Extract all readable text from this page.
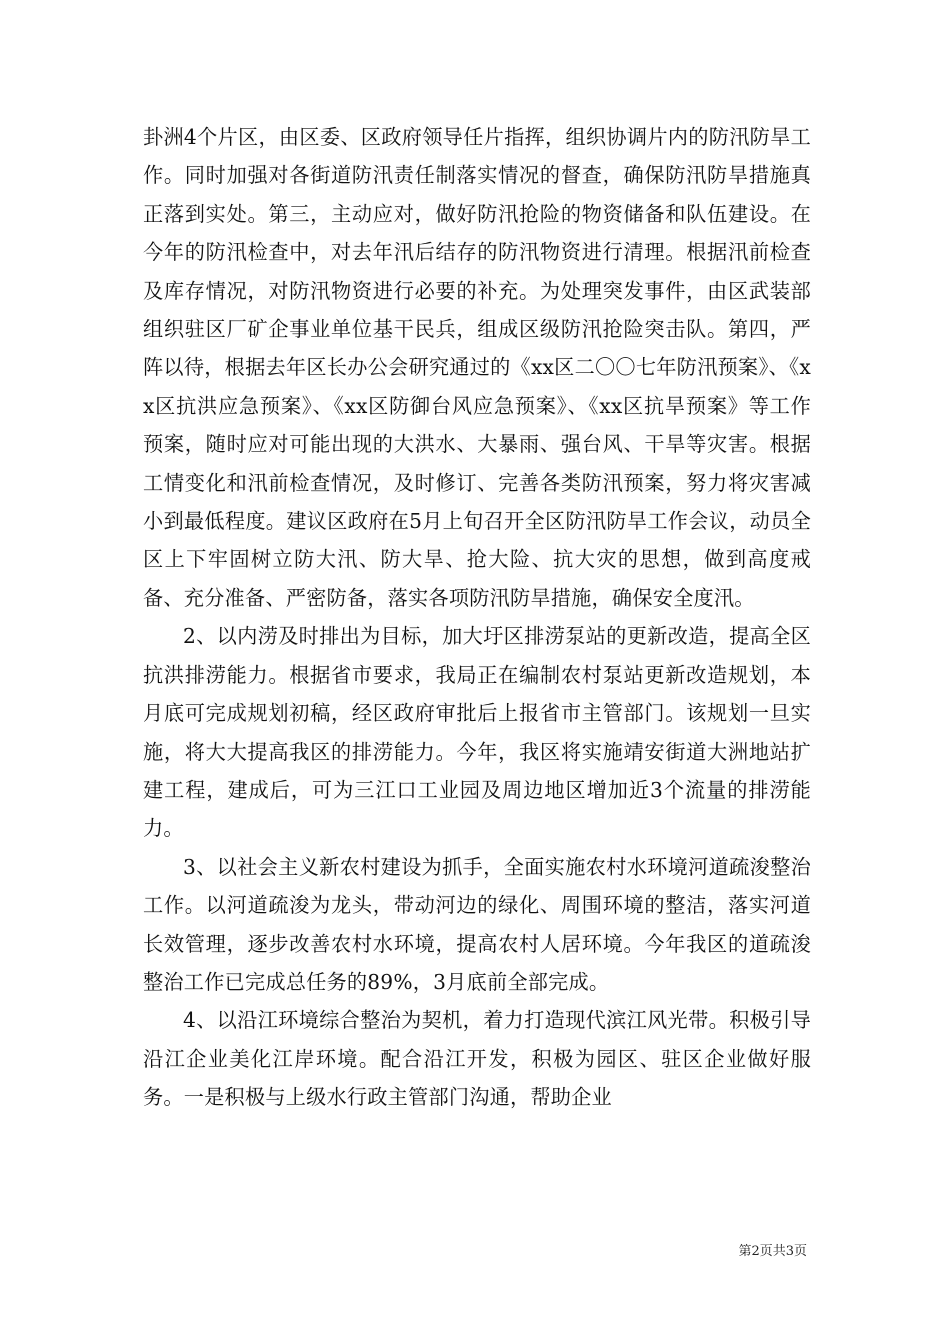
卦洲4个片区，由区委、区政府领导任片指挥，组织协调片内的防汛防旱工作。同时加强对各街道防汛责任制落实情况的督查，确保防汛防旱措施真正落到实处。第三，主动应对，做好防汛抢险的物资储备和队伍建设。在今年的防汛检查中，对去年汛后结存的防汛物资进行清理。根据汛前检查及库存情况，对防汛物资进行必要的补充。为处理突发事件，由区武装部组织驻区厂矿企事业单位基干民兵，组成区级防汛抢险突击队。第四，严阵以待，根据去年区长办公会研究通过的《xx区二〇〇七年防汛预案》、《xx区抗洪应急预案》、《xx区防御台风应急预案》、《xx区抗旱预案》等工作预案，随时应对可能出现的大洪水、大暴雨、强台风、干旱等灾害。根据工情变化和汛前检查情况，及时修订、完善各类防汛预案，努力将灾害减小到最低程度。建议区政府在5月上旬召开全区防汛防旱工作会议，动员全区上下牢固树立防大汛、防大旱、抢大险、抗大灾的思想，做到高度戒备、充分准备、严密防备，落实各项防汛防旱措施，确保安全度汛。

2、以内涝及时排出为目标，加大圩区排涝泵站的更新改造，提高全区抗洪排涝能力。根据省市要求，我局正在编制农村泵站更新改造规划，本月底可完成规划初稿，经区政府审批后上报省市主管部门。该规划一旦实施，将大大提高我区的排涝能力。今年，我区将实施靖安街道大洲地站扩建工程，建成后，可为三江口工业园及周边地区增加近3个流量的排涝能力。

3、以社会主义新农村建设为抓手，全面实施农村水环境河道疏浚整治工作。以河道疏浚为龙头，带动河边的绿化、周围环境的整洁，落实河道长效管理，逐步改善农村水环境，提高农村人居环境。今年我区的道疏浚整治工作已完成总任务的89%，3月底前全部完成。

4、以沿江环境综合整治为契机，着力打造现代滨江风光带。积极引导沿江企业美化江岸环境。配合沿江开发，积极为园区、驻区企业做好服务。一是积极与上级水行政主管部门沟通，帮助企业

第2页共3页
